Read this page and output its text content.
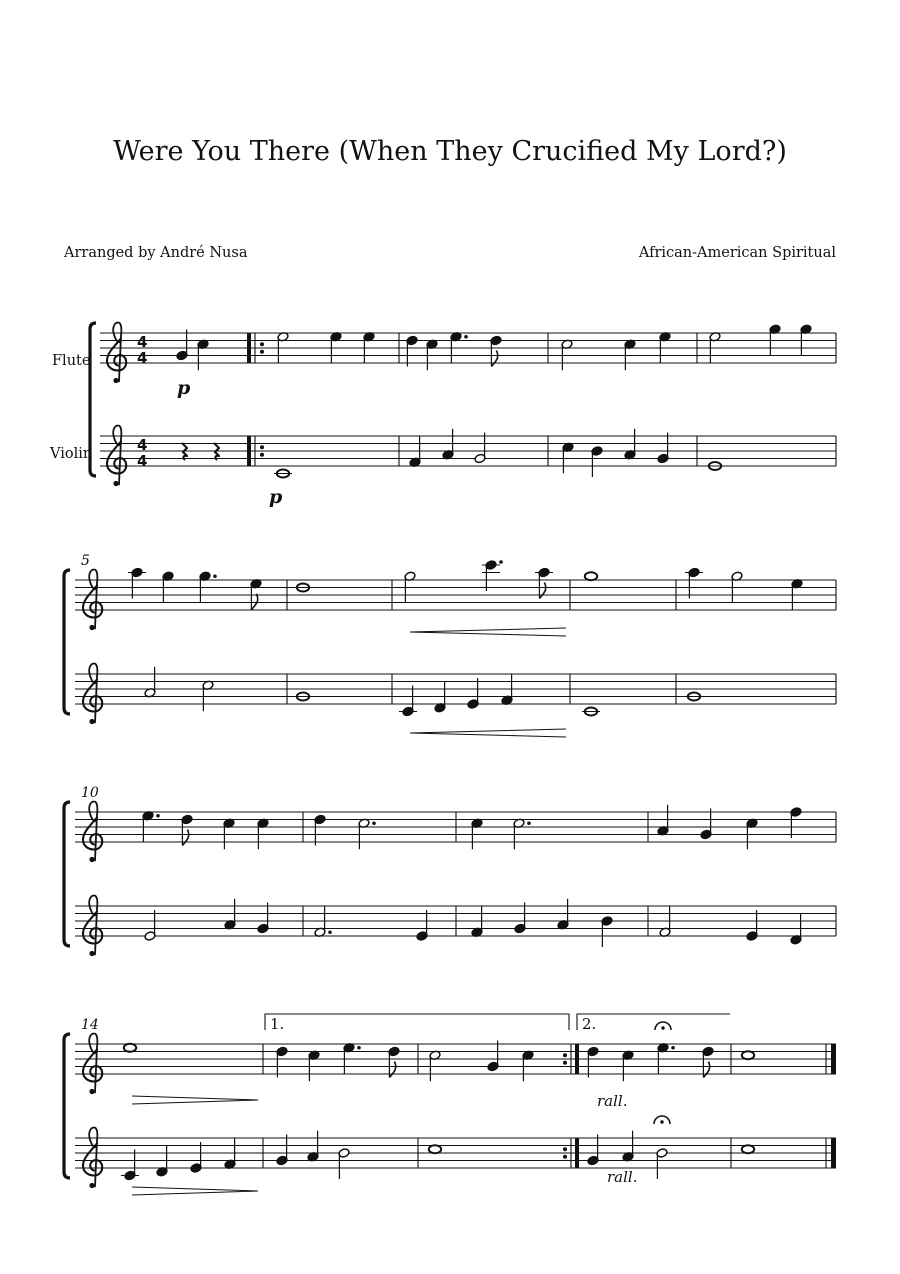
Were You There (When They Crucified My Lord?)
Arranged by André Nusa	African-American Spiritual
Flute
Violin
4
4
4
4
p
p
5
10
14	1.	2.
rall.
rall.
